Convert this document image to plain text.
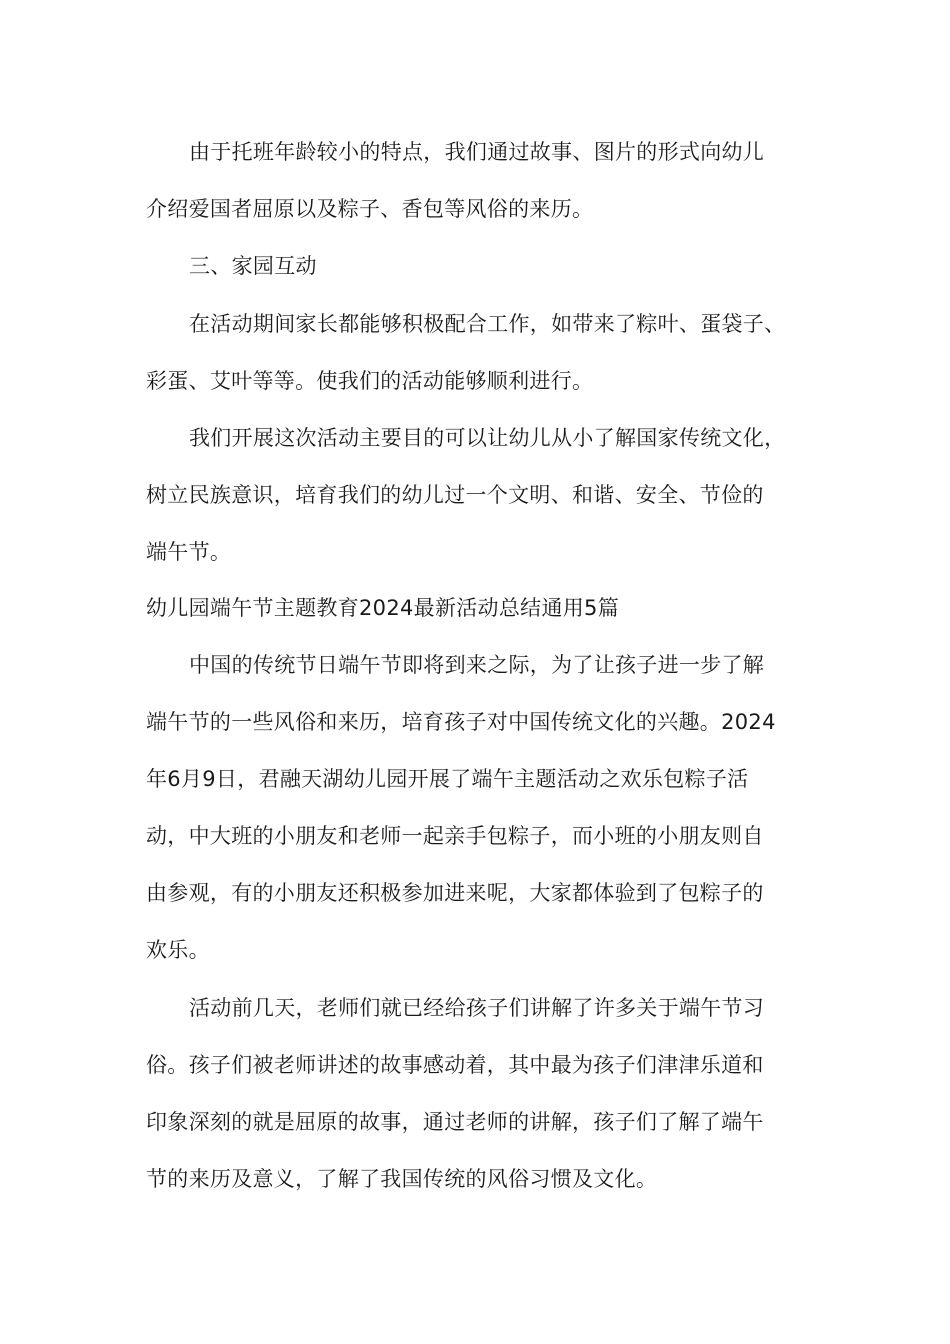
由于托班年龄较小的特点，我们通过故事、图片的形式向幼儿

介绍爱国者屈原以及粽子、香包等风俗的来历。

三、家园互动

在活动期间家长都能够积极配合工作，如带来了粽叶、蛋袋子、

彩蛋、艾叶等等。使我们的活动能够顺利进行。

我们开展这次活动主要目的可以让幼儿从小了解国家传统文化，

树立民族意识，培育我们的幼儿过一个文明、和谐、安全、节俭的

端午节。

幼儿园端午节主题教育2024最新活动总结通用5篇

中国的传统节日端午节即将到来之际，为了让孩子进一步了解

端午节的一些风俗和来历，培育孩子对中国传统文化的兴趣。2024

年6月9日，君融天湖幼儿园开展了端午主题活动之欢乐包粽子活

动，中大班的小朋友和老师一起亲手包粽子，而小班的小朋友则自

由参观，有的小朋友还积极参加进来呢，大家都体验到了包粽子的

欢乐。

活动前几天，老师们就已经给孩子们讲解了许多关于端午节习

俗。孩子们被老师讲述的故事感动着，其中最为孩子们津津乐道和

印象深刻的就是屈原的故事，通过老师的讲解，孩子们了解了端午

节的来历及意义，了解了我国传统的风俗习惯及文化。
